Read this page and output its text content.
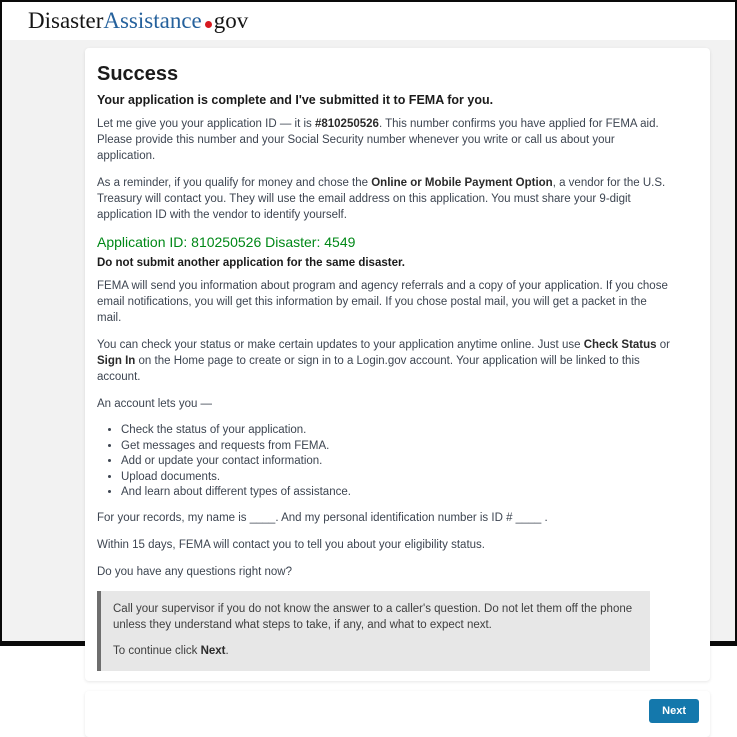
DisasterAssistance gov
Success

Your application is complete and I've submitted it to FEMA for you.

Let me give you your application ID — it is #810250526. This number confirms you have applied for FEMA aid. Please provide this number and your Social Security number whenever you write or call us about your application.

As a reminder, if you qualify for money and chose the Online or Mobile Payment Option, a vendor for the U.S. Treasury will contact you. They will use the email address on this application. You must share your 9-digit application ID with the vendor to identify yourself.

Application ID: 810250526 Disaster: 4549

Do not submit another application for the same disaster.

FEMA will send you information about program and agency referrals and a copy of your application. If you chose email notifications, you will get this information by email. If you chose postal mail, you will get a packet in the mail.

You can check your status or make certain updates to your application anytime online. Just use Check Status or Sign In on the Home page to create or sign in to a Login.gov account. Your application will be linked to this account.

An account lets you —

• Check the status of your application.
• Get messages and requests from FEMA.
• Add or update your contact information.
• Upload documents.
• And learn about different types of assistance.

For your records, my name is ____. And my personal identification number is ID # ____ .

Within 15 days, FEMA will contact you to tell you about your eligibility status.

Do you have any questions right now?

Call your supervisor if you do not know the answer to a caller's question. Do not let them off the phone unless they understand what steps to take, if any, and what to expect next.

To continue click Next.

Next
